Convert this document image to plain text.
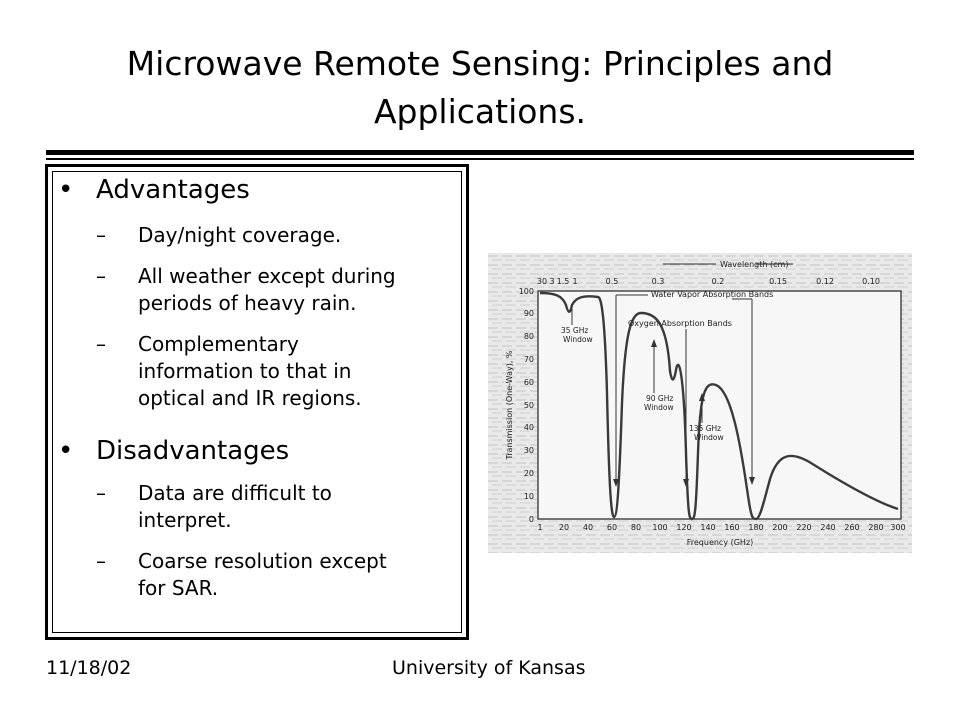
Microwave Remote Sensing: Principles and
Applications.
• Advantages
– Day/night coverage.
– All weather except during
periods of heavy rain.
– Complementary
information to that in
optical and IR regions.
• Disadvantages
– Data are difficult to
interpret.
– Coarse resolution except
for SAR.
Wavelength (cm)
30 3 1.5 1	0.5	0.3	0.2	0.15	0.12	0.10
100
90
80
70
60
50
40
30
20
10
0
Transmission (One-Way), %
1 20 40 60 80 100 120 140 160 180 200 220 240 260 280 300
Frequency (GHz)
Water Vapor Absorption Bands
Oxygen Absorption Bands
35 GHz
Window
90 GHz
Window
135 GHz
Window
11/18/02	University of Kansas
